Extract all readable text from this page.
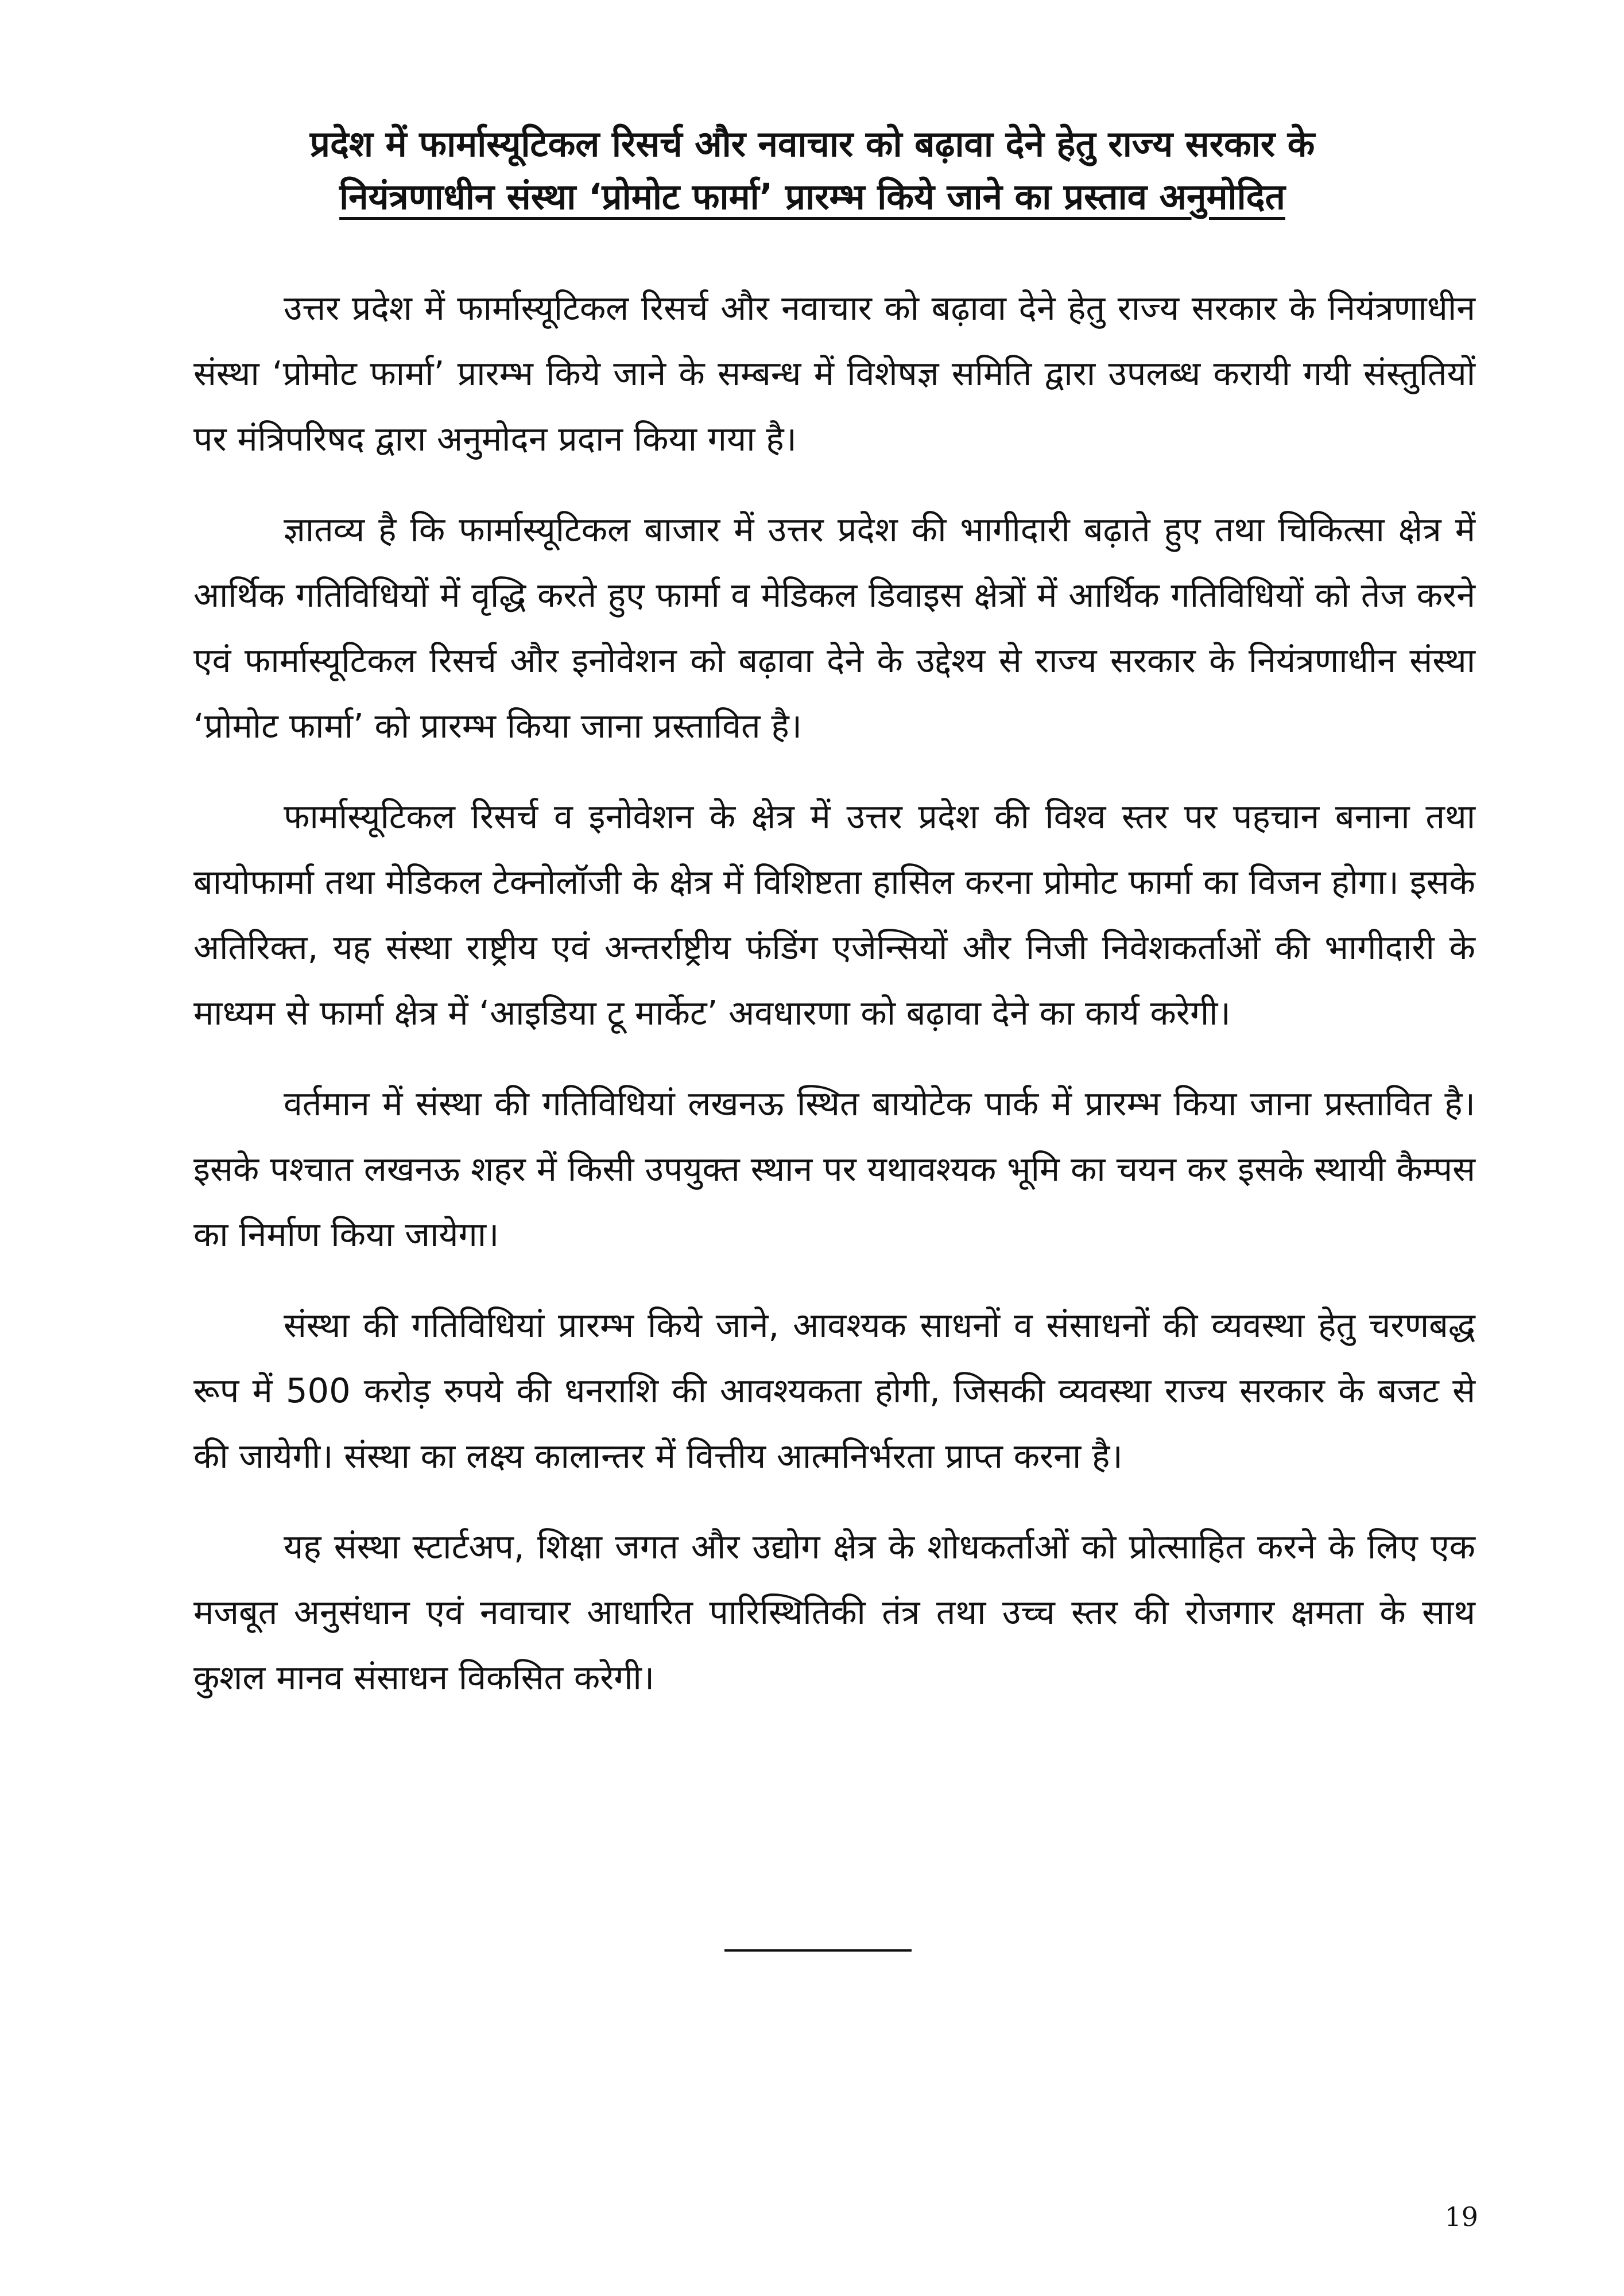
प्रदेश में फार्मास्यूटिकल रिसर्च और नवाचार को बढ़ावा देने हेतु राज्य सरकार के
नियंत्रणाधीन संस्था ‘प्रोमोट फार्मा’ प्रारम्भ किये जाने का प्रस्ताव अनुमोदित

उत्तर प्रदेश में फार्मास्यूटिकल रिसर्च और नवाचार को बढ़ावा देने हेतु राज्य सरकार के नियंत्रणाधीन संस्था ‘प्रोमोट फार्मा’ प्रारम्भ किये जाने के सम्बन्ध में विशेषज्ञ समिति द्वारा उपलब्ध करायी गयी संस्तुतियों पर मंत्रिपरिषद द्वारा अनुमोदन प्रदान किया गया है।

ज्ञातव्य है कि फार्मास्यूटिकल बाजार में उत्तर प्रदेश की भागीदारी बढ़ाते हुए तथा चिकित्सा क्षेत्र में आर्थिक गतिविधियों में वृद्धि करते हुए फार्मा व मेडिकल डिवाइस क्षेत्रों में आर्थिक गतिविधियों को तेज करने एवं फार्मास्यूटिकल रिसर्च और इनोवेशन को बढ़ावा देने के उद्देश्य से राज्य सरकार के नियंत्रणाधीन संस्था ‘प्रोमोट फार्मा’ को प्रारम्भ किया जाना प्रस्तावित है।

फार्मास्यूटिकल रिसर्च व इनोवेशन के क्षेत्र में उत्तर प्रदेश की विश्व स्तर पर पहचान बनाना तथा बायोफार्मा तथा मेडिकल टेक्नोलॉजी के क्षेत्र में विशिष्टता हासिल करना प्रोमोट फार्मा का विजन होगा। इसके अतिरिक्त, यह संस्था राष्ट्रीय एवं अन्तर्राष्ट्रीय फंडिंग एजेन्सियों और निजी निवेशकर्ताओं की भागीदारी के माध्यम से फार्मा क्षेत्र में ‘आइडिया टू मार्केट’ अवधारणा को बढ़ावा देने का कार्य करेगी।

वर्तमान में संस्था की गतिविधियां लखनऊ स्थित बायोटेक पार्क में प्रारम्भ किया जाना प्रस्तावित है। इसके पश्चात लखनऊ शहर में किसी उपयुक्त स्थान पर यथावश्यक भूमि का चयन कर इसके स्थायी कैम्पस का निर्माण किया जायेगा।

संस्था की गतिविधियां प्रारम्भ किये जाने, आवश्यक साधनों व संसाधनों की व्यवस्था हेतु चरणबद्ध रूप में 500 करोड़ रुपये की धनराशि की आवश्यकता होगी, जिसकी व्यवस्था राज्य सरकार के बजट से की जायेगी। संस्था का लक्ष्य कालान्तर में वित्तीय आत्मनिर्भरता प्राप्त करना है।

यह संस्था स्टार्टअप, शिक्षा जगत और उद्योग क्षेत्र के शोधकर्ताओं को प्रोत्साहित करने के लिए एक मजबूत अनुसंधान एवं नवाचार आधारित पारिस्थितिकी तंत्र तथा उच्च स्तर की रोजगार क्षमता के साथ कुशल मानव संसाधन विकसित करेगी।

19
